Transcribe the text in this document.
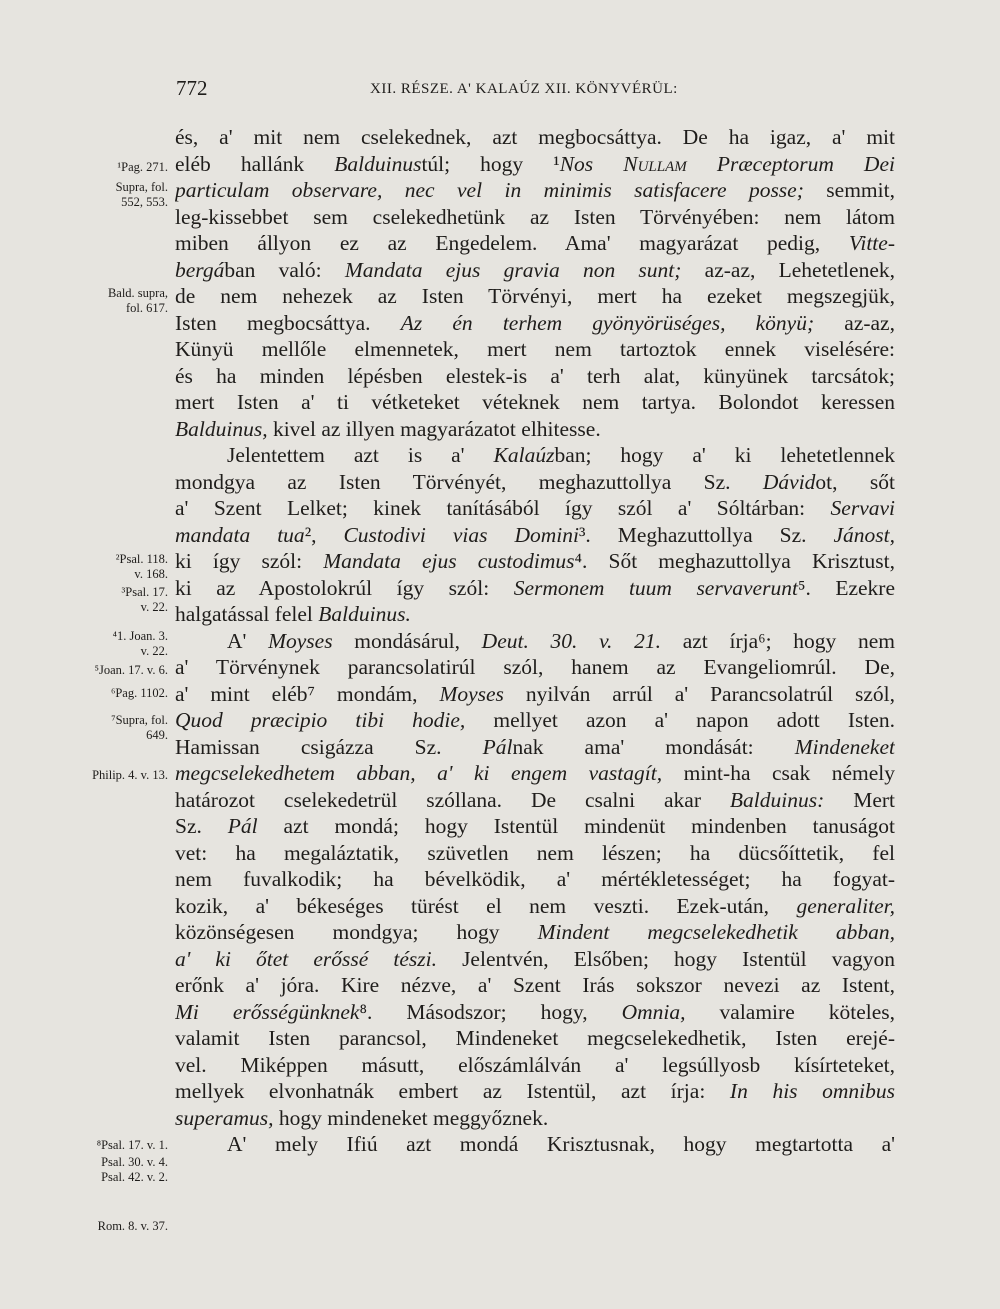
772	XII. RÉSZE. A' KALAÚZ XII. KÖNYVÉRÜL:
¹Pag. 271.
Supra, fol.
552, 553.
Bald. supra,
fol. 617.
²Psal. 118.
v. 168.
³Psal. 17.
v. 22.
⁴1. Joan. 3.
v. 22.
⁵Joan. 17. v. 6.
⁶Pag. 1102.
⁷Supra, fol.
649.
Philip. 4. v. 13.
⁸Psal. 17. v. 1.
Psal. 30. v. 4.
Psal. 42. v. 2.
Rom. 8. v. 37.
és, a' mit nem cselekednek, azt megbocsáttya. De ha igaz, a' mit
eléb hallánk Balduinustúl; hogy ¹Nos Nullam Præceptorum Dei
particulam observare, nec vel in minimis satisfacere posse; semmit,
leg-kissebbet sem cselekedhetünk az Isten Törvényében: nem látom
miben állyon ez az Engedelem. Ama' magyarázat pedig, Vitte-
bergában való: Mandata ejus gravia non sunt; az-az, Lehetetlenek,
de nem nehezek az Isten Törvényi, mert ha ezeket megszegjük,
Isten megbocsáttya. Az én terhem gyönyörüséges, könyü; az-az,
Künyü mellőle elmennetek, mert nem tartoztok ennek viselésére:
és ha minden lépésben elestek-is a' terh alat, künyünek tarcsátok;
mert Isten a' ti vétketeket véteknek nem tartya. Bolondot keressen
Balduinus, kivel az illyen magyarázatot elhitesse.
Jelentettem azt is a' Kalaúzban; hogy a' ki lehetetlennek
mondgya az Isten Törvényét, meghazuttollya Sz. Dávidot, sőt
a' Szent Lelket; kinek tanításából így szól a' Sóltárban: Servavi
mandata tua², Custodivi vias Domini³. Meghazuttollya Sz. Jánost,
ki így szól: Mandata ejus custodimus⁴. Sőt meghazuttollya Krisztust,
ki az Apostolokrúl így szól: Sermonem tuum servaverunt⁵. Ezekre
halgatással felel Balduinus.
A' Moyses mondásárul, Deut. 30. v. 21. azt írja⁶; hogy nem
a' Törvénynek parancsolatirúl szól, hanem az Evangeliomrúl. De,
a' mint eléb⁷ mondám, Moyses nyilván arrúl a' Parancsolatrúl szól,
Quod præcipio tibi hodie, mellyet azon a' napon adott Isten.
Hamissan csigázza Sz. Pálnak ama' mondását: Mindeneket
megcselekedhetem abban, a' ki engem vastagít, mint-ha csak némely
határozot cselekedetrül szóllana. De csalni akar Balduinus: Mert
Sz. Pál azt mondá; hogy Istentül mindenüt mindenben tanuságot
vet: ha megaláztatik, szüvetlen nem lészen; ha dücsőíttetik, fel
nem fuvalkodik; ha bévelködik, a' mértékletességet; ha fogyat-
kozik, a' békeséges türést el nem veszti. Ezek-után, generaliter,
közönségesen mondgya; hogy Mindent megcselekedhetik abban,
a' ki őtet erőssé tészi. Jelentvén, Elsőben; hogy Istentül vagyon
erőnk a' jóra. Kire nézve, a' Szent Irás sokszor nevezi az Istent,
Mi erősségünknek⁸. Másodszor; hogy, Omnia, valamire köteles,
valamit Isten parancsol, Mindeneket megcselekedhetik, Isten erejé-
vel. Miképpen másutt, előszámlálván a' legsúllyosb kísírteteket,
mellyek elvonhatnák embert az Istentül, azt írja: In his omnibus
superamus, hogy mindeneket meggyőznek.
A' mely Ifiú azt mondá Krisztusnak, hogy megtartotta a'
